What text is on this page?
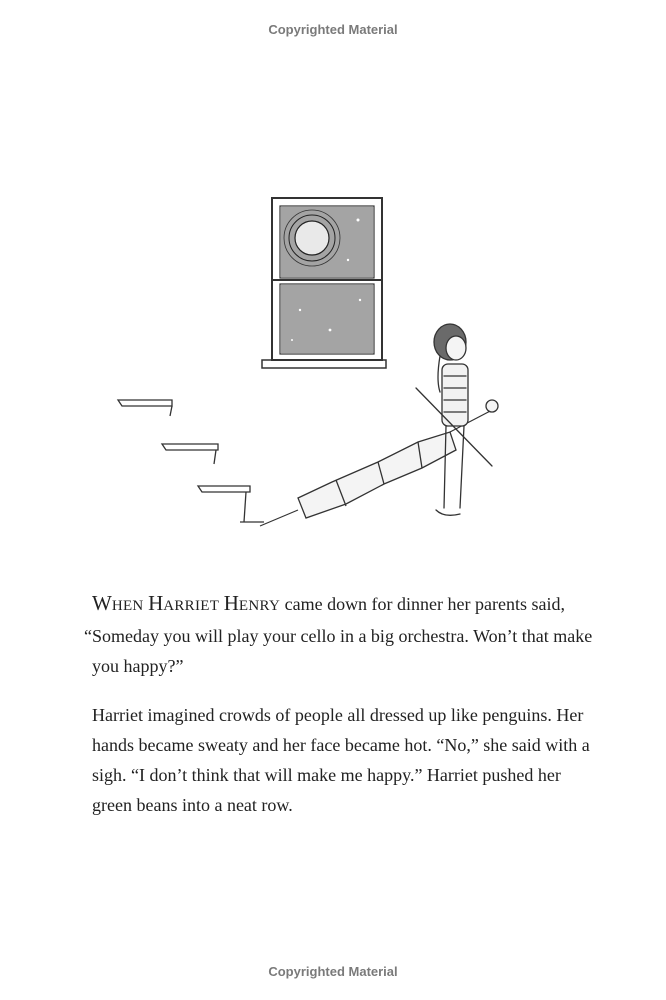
Copyrighted Material
WHEN HARRIET HENRY came down for dinner her parents said,
“Someday you will play your cello in a big orchestra. Won’t that make
you happy?”
Harriet imagined crowds of people all dressed up like penguins. Her
hands became sweaty and her face became hot. “No,” she said with a
sigh. “I don’t think that will make me happy.” Harriet pushed her
green beans into a neat row.
Copyrighted Material
